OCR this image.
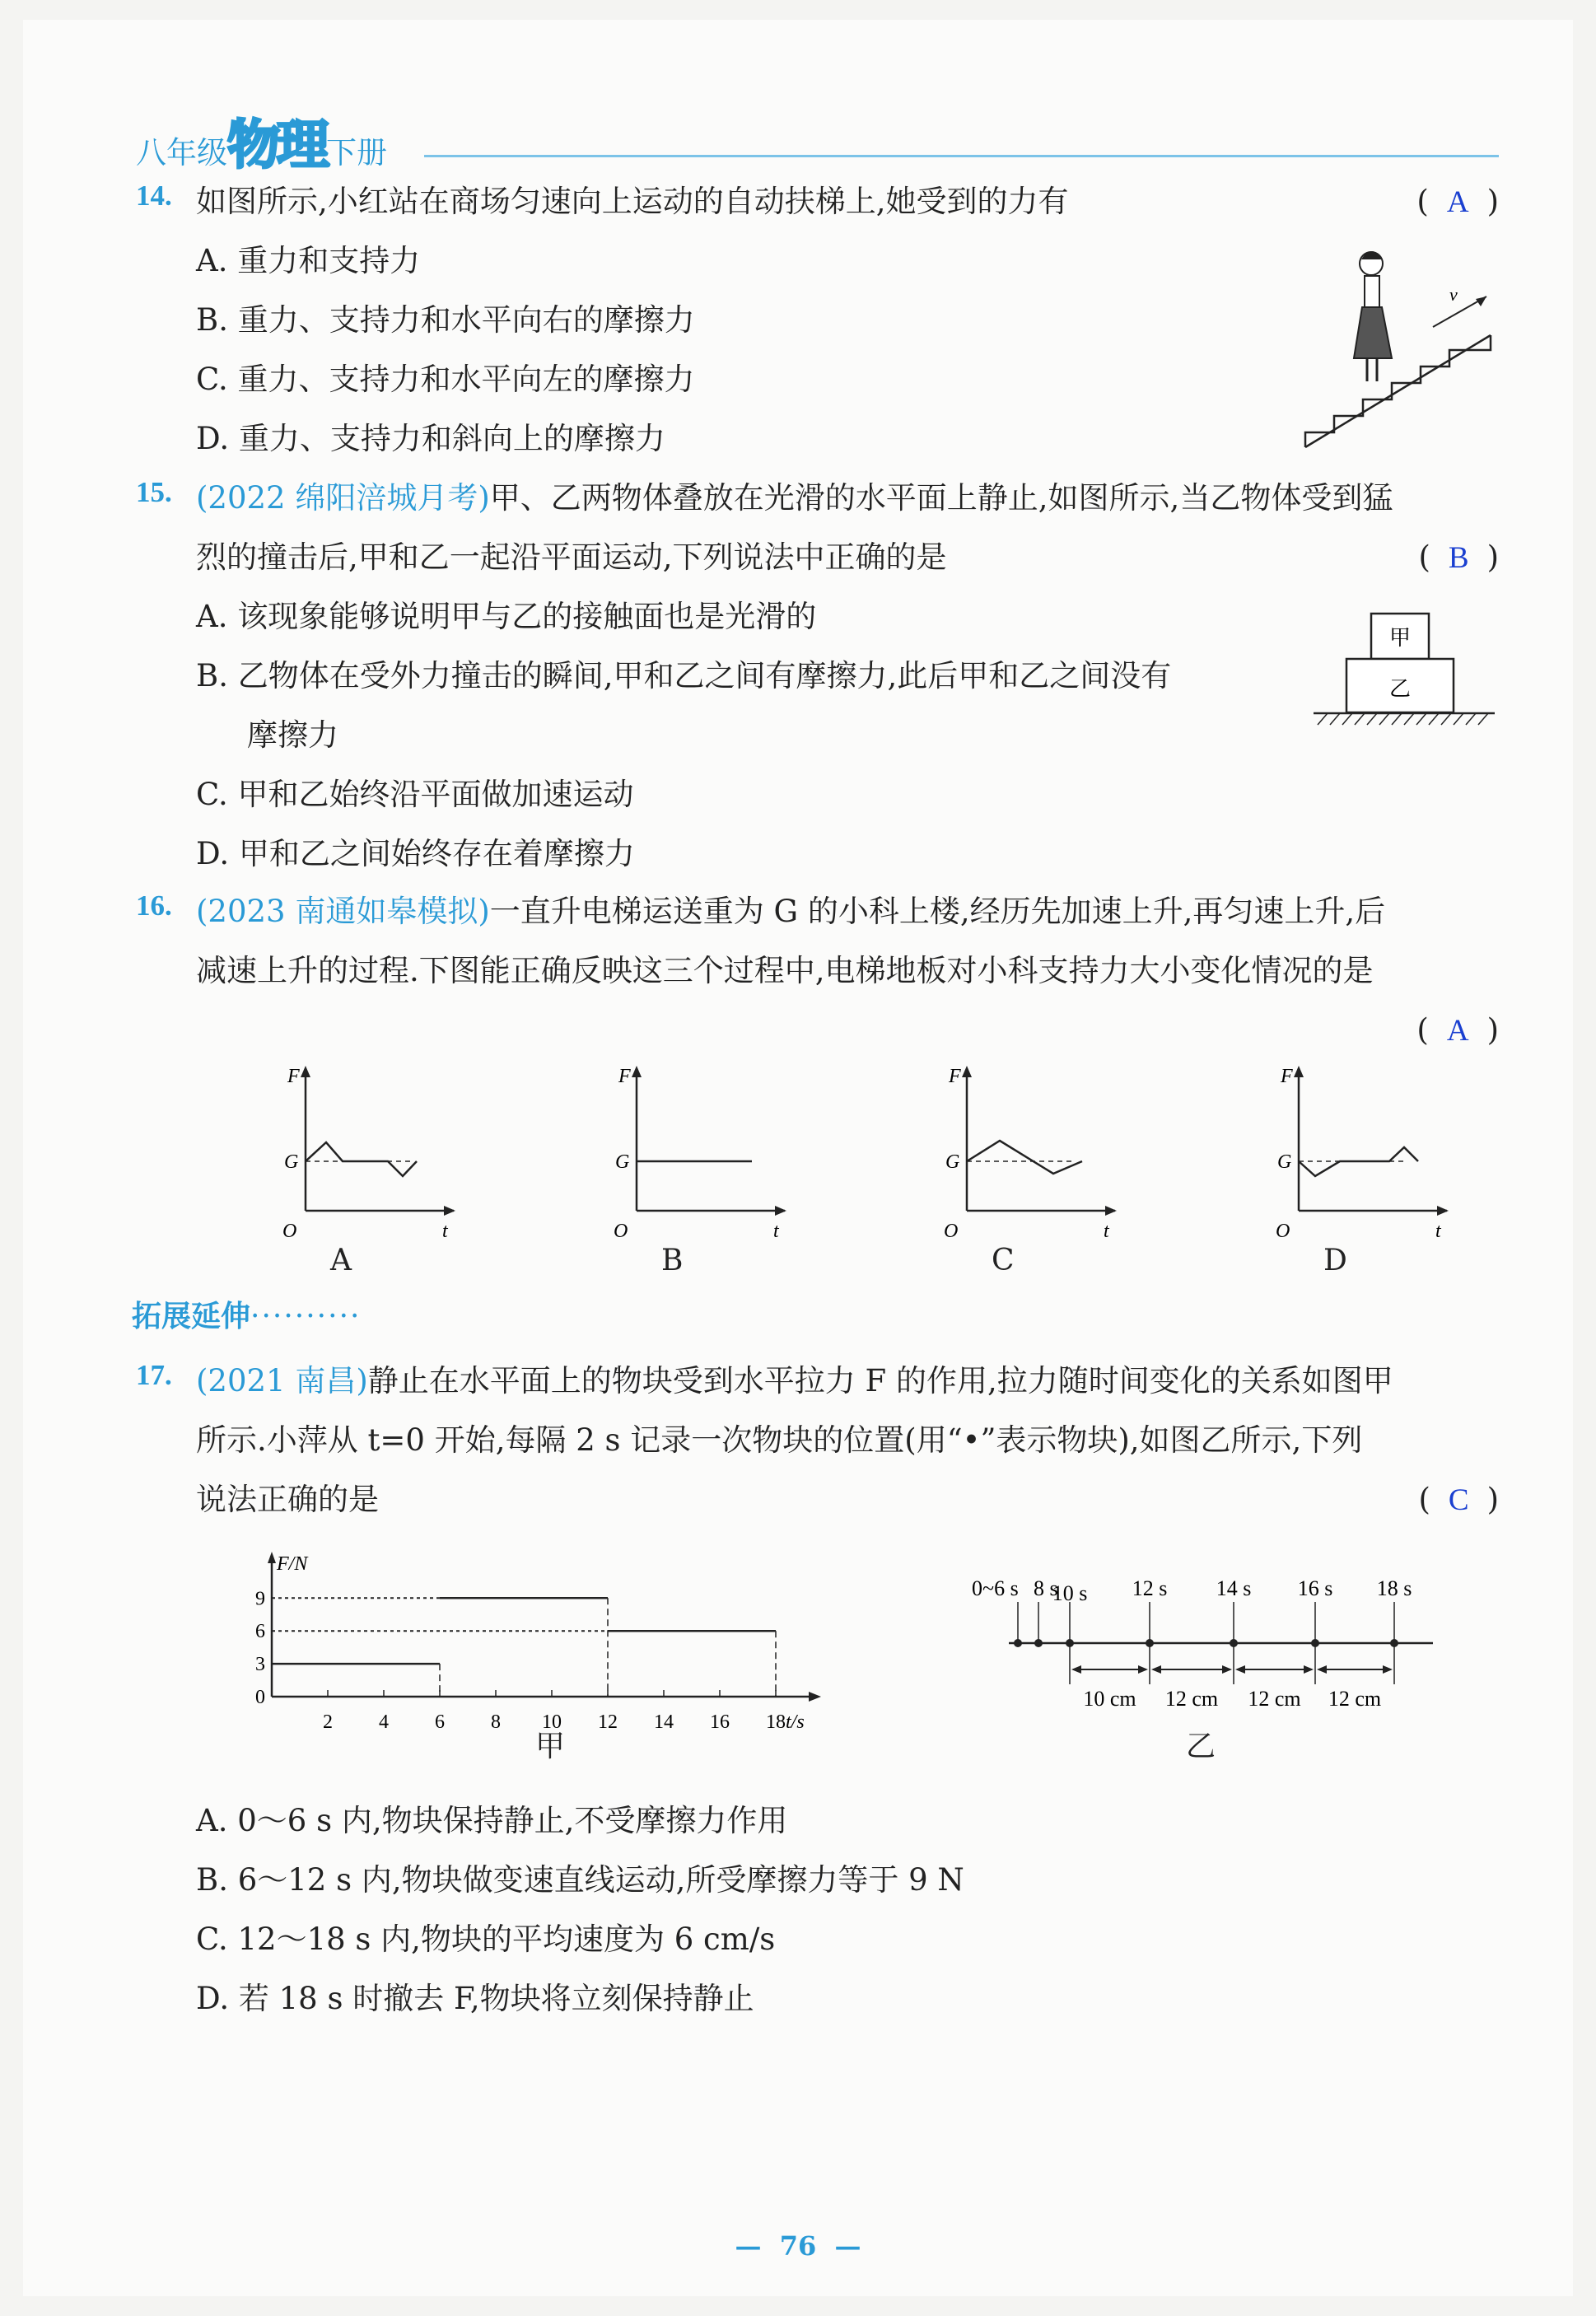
八年级物理下册
14. 如图所示,小红站在商场匀速向上运动的自动扶梯上,她受到的力有	( A )
A. 重力和支持力
B. 重力、支持力和水平向右的摩擦力
C. 重力、支持力和水平向左的摩擦力
D. 重力、支持力和斜向上的摩擦力
v
15. (2022 绵阳涪城月考)甲、乙两物体叠放在光滑的水平面上静止,如图所示,当乙物体受到猛
烈的撞击后,甲和乙一起沿平面运动,下列说法中正确的是	( B )
A. 该现象能够说明甲与乙的接触面也是光滑的
B. 乙物体在受外力撞击的瞬间,甲和乙之间有摩擦力,此后甲和乙之间没有
摩擦力
C. 甲和乙始终沿平面做加速运动
D. 甲和乙之间始终存在着摩擦力
甲
乙
16. (2023 南通如皋模拟)一直升电梯运送重为 G 的小科上楼,经历先加速上升,再匀速上升,后
减速上升的过程.下图能正确反映这三个过程中,电梯地板对小科支持力大小变化情况的是
( A )
F
t
O
G
A
F
t
O
G
B
F
t
O
G
C
F
t
O
G
D
拓展延伸··········
17. (2021 南昌)静止在水平面上的物块受到水平拉力 F 的作用,拉力随时间变化的关系如图甲
所示.小萍从 t=0 开始,每隔 2 s 记录一次物块的位置(用“•”表示物块),如图乙所示,下列
说法正确的是	( C )
F/N
t/s
2 4 6 8 10 12 14 16 18
0
3
6
9
甲
0~6 s 8 s
10 s 12 s 14 s 16 s 18 s
10 cm 12 cm 12 cm 12 cm
乙
A. 0～6 s 内,物块保持静止,不受摩擦力作用
B. 6～12 s 内,物块做变速直线运动,所受摩擦力等于 9 N
C. 12～18 s 内,物块的平均速度为 6 cm/s
D. 若 18 s 时撤去 F,物块将立刻保持静止
—  76  —
